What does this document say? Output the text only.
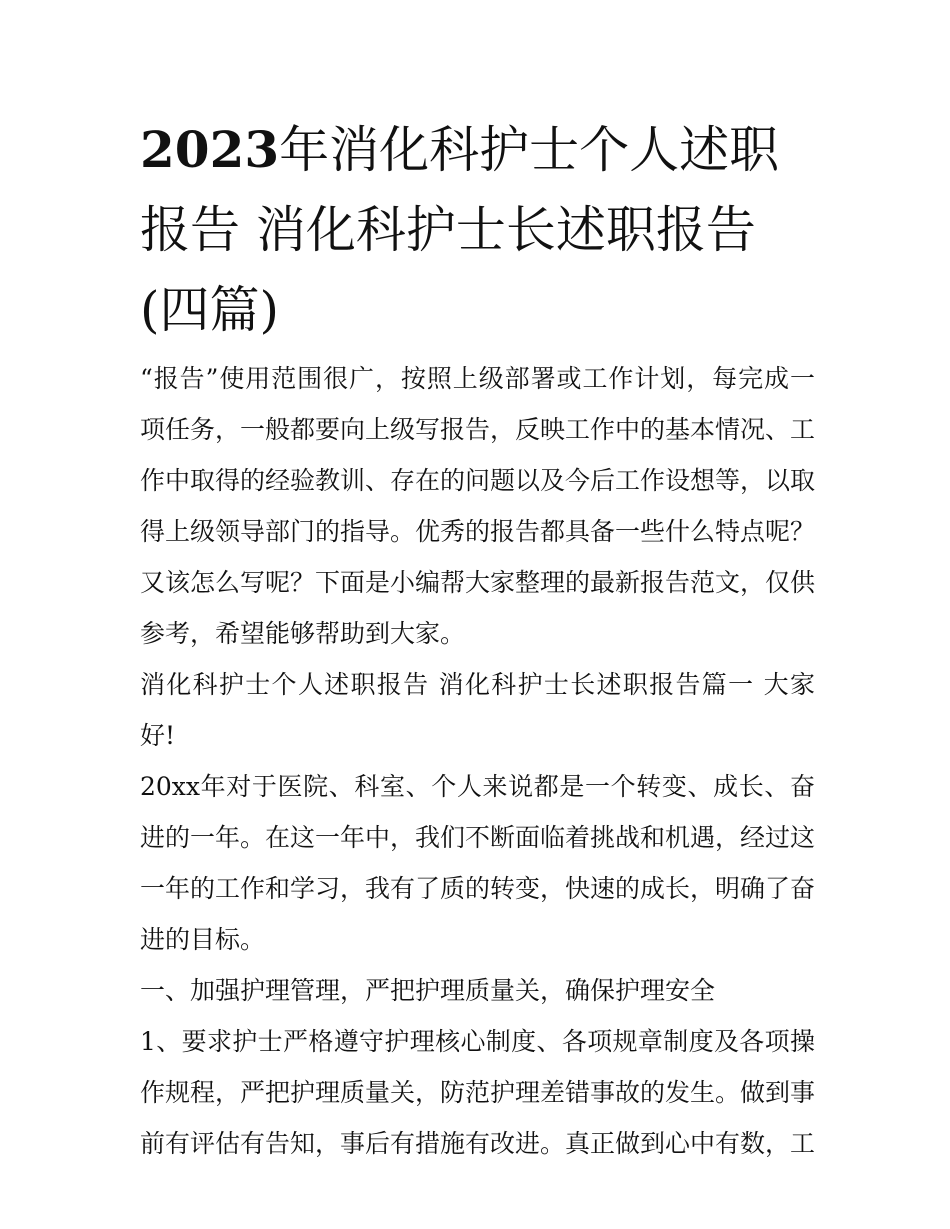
2023年消化科护士个人述职报告 消化科护士长述职报告(四篇)

“报告”使用范围很广，按照上级部署或工作计划，每完成一项任务，一般都要向上级写报告，反映工作中的基本情况、工作中取得的经验教训、存在的问题以及今后工作设想等，以取得上级领导部门的指导。优秀的报告都具备一些什么特点呢？又该怎么写呢？下面是小编帮大家整理的最新报告范文，仅供参考，希望能够帮助到大家。

消化科护士个人述职报告 消化科护士长述职报告篇一 大家好!

20xx年对于医院、科室、个人来说都是一个转变、成长、奋进的一年。在这一年中，我们不断面临着挑战和机遇，经过这一年的工作和学习，我有了质的转变，快速的成长，明确了奋进的目标。

一、加强护理管理，严把护理质量关，确保护理安全

1、要求护士严格遵守护理核心制度、各项规章制度及各项操作规程，严把护理质量关，防范护理差错事故的发生。做到事前有评估有告知，事后有措施有改进。真正做到心中有数，工
